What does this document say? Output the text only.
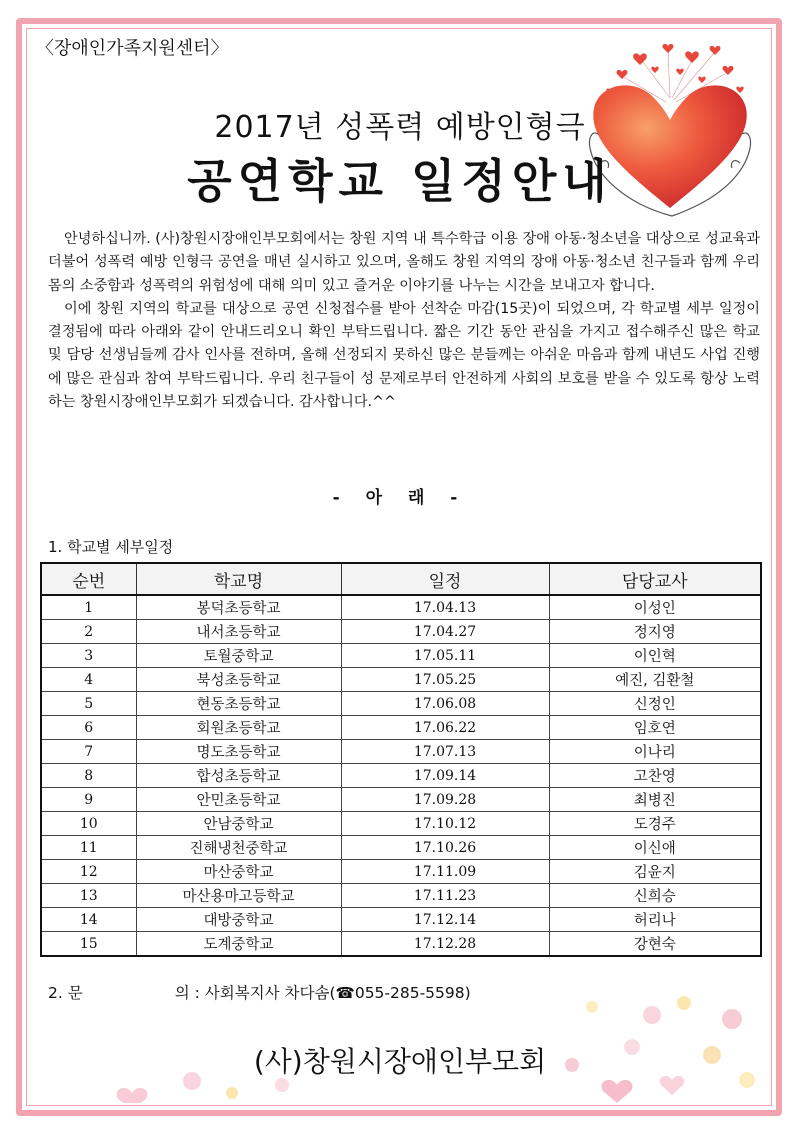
〈장애인가족지원센터〉
2017년 성폭력 예방인형극
공연학교 일정안내

안녕하십니까. (사)창원시장애인부모회에서는 창원 지역 내 특수학급 이용 장애 아동·청소년을 대상으로 성교육과 더불어 성폭력 예방 인형극 공연을 매년 실시하고 있으며, 올해도 창원 지역의 장애 아동·청소년 친구들과 함께 우리 몸의 소중함과 성폭력의 위험성에 대해 의미 있고 즐거운 이야기를 나누는 시간을 보내고자 합니다.

이에 창원 지역의 학교를 대상으로 공연 신청접수를 받아 선착순 마감(15곳)이 되었으며, 각 학교별 세부 일정이 결정됨에 따라 아래와 같이 안내드리오니 확인 부탁드립니다. 짧은 기간 동안 관심을 가지고 접수해주신 많은 학교 및 담당 선생님들께 감사 인사를 전하며, 올해 선정되지 못하신 많은 분들께는 아쉬운 마음과 함께 내년도 사업 진행에 많은 관심과 참여 부탁드립니다. 우리 친구들이 성 문제로부터 안전하게 사회의 보호를 받을 수 있도록 항상 노력하는 창원시장애인부모회가 되겠습니다. 감사합니다.^^

- 아 래 -
1. 학교별 세부일정
순번	학교명	일정	담당교사
1	봉덕초등학교	17.04.13	이성인
2	내서초등학교	17.04.27	정지영
3	토월중학교	17.05.11	이인혁
4	북성초등학교	17.05.25	예진, 김환철
5	현동초등학교	17.06.08	신정인
6	회원초등학교	17.06.22	임호연
7	명도초등학교	17.07.13	이나리
8	합성초등학교	17.09.14	고찬영
9	안민초등학교	17.09.28	최병진
10	안남중학교	17.10.12	도경주
11	진해냉천중학교	17.10.26	이신애
12	마산중학교	17.11.09	김윤지
13	마산용마고등학교	17.11.23	신희승
14	대방중학교	17.12.14	허리나
15	도계중학교	17.12.28	강현숙
2. 문	의 : 사회복지사 차다솜(☎055-285-5598)
(사)창원시장애인부모회
